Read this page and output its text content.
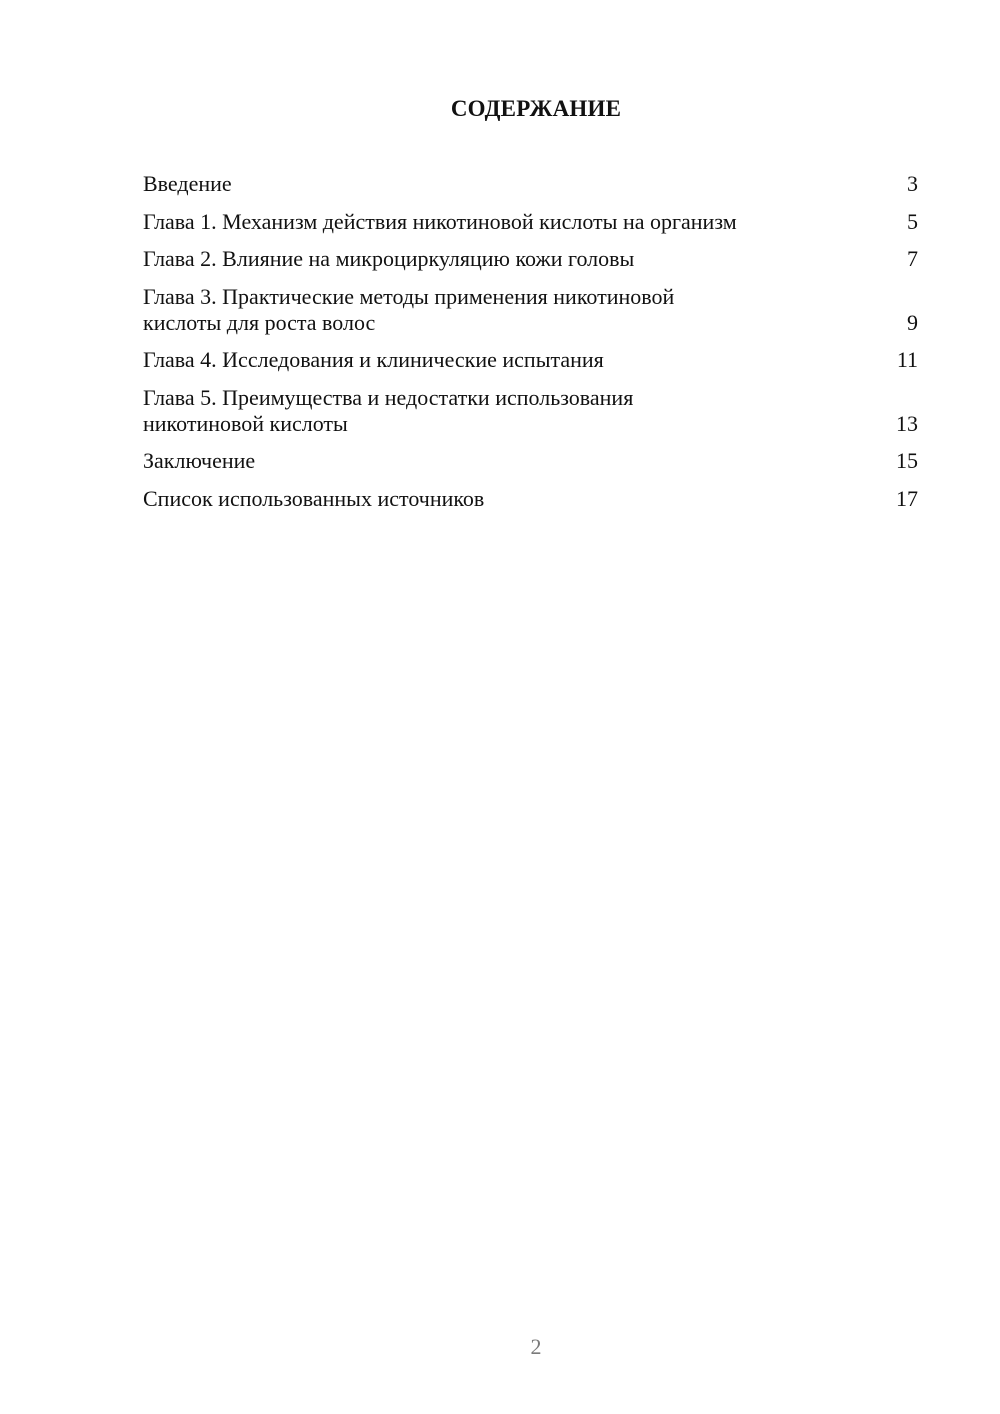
СОДЕРЖАНИЕ
Введение	3
Глава 1. Механизм действия никотиновой кислоты на организм	5
Глава 2. Влияние на микроциркуляцию кожи головы	7
Глава 3. Практические методы применения никотиновой
кислоты для роста волос	9
Глава 4. Исследования и клинические испытания	11
Глава 5. Преимущества и недостатки использования
никотиновой кислоты	13
Заключение	15
Список использованных источников	17
2
